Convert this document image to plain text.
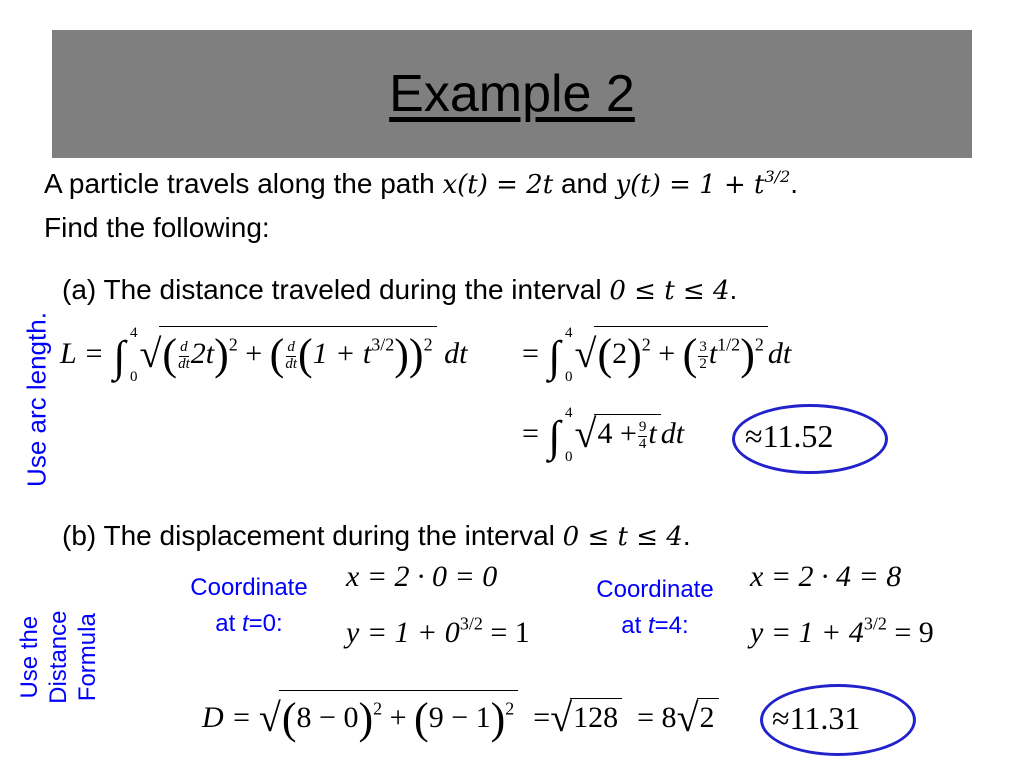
Example 2
A particle travels along the path x(t) = 2t and $y(t) = 1 + t^{3/2}$.
Find the following:
(a) The distance traveled during the interval 0 ≤ t ≤ 4.
Use arc length. L = ∫ 4
0
√( $\frac{d}{dt} 2t)^2$ + ( $\frac{d}{dt} (1 + t^{3/2}))^2$ dt = ∫ 4
0
$√(2)^2$ + ( $\frac{3}{2} t^{1/2})^2$ dt
= ∫ 4
0
$√4 + \frac{9}{4}$ t dt ≈11.52
(b) The displacement during the interval 0 ≤ t ≤ 4.
Use the Distance Formula
Coordinate
at t=0:
x = 2 · 0 = 0
$y = 1 + 0^{3/2} = 1$
Coordinate
at t=4:
x = 2 · 4 = 8
$y = 1 + 4^{3/2} = 9$
$D = √(8 - 0)^2 + (9 - 1)^2 =√128 = 8√2 \approx 11.31$
